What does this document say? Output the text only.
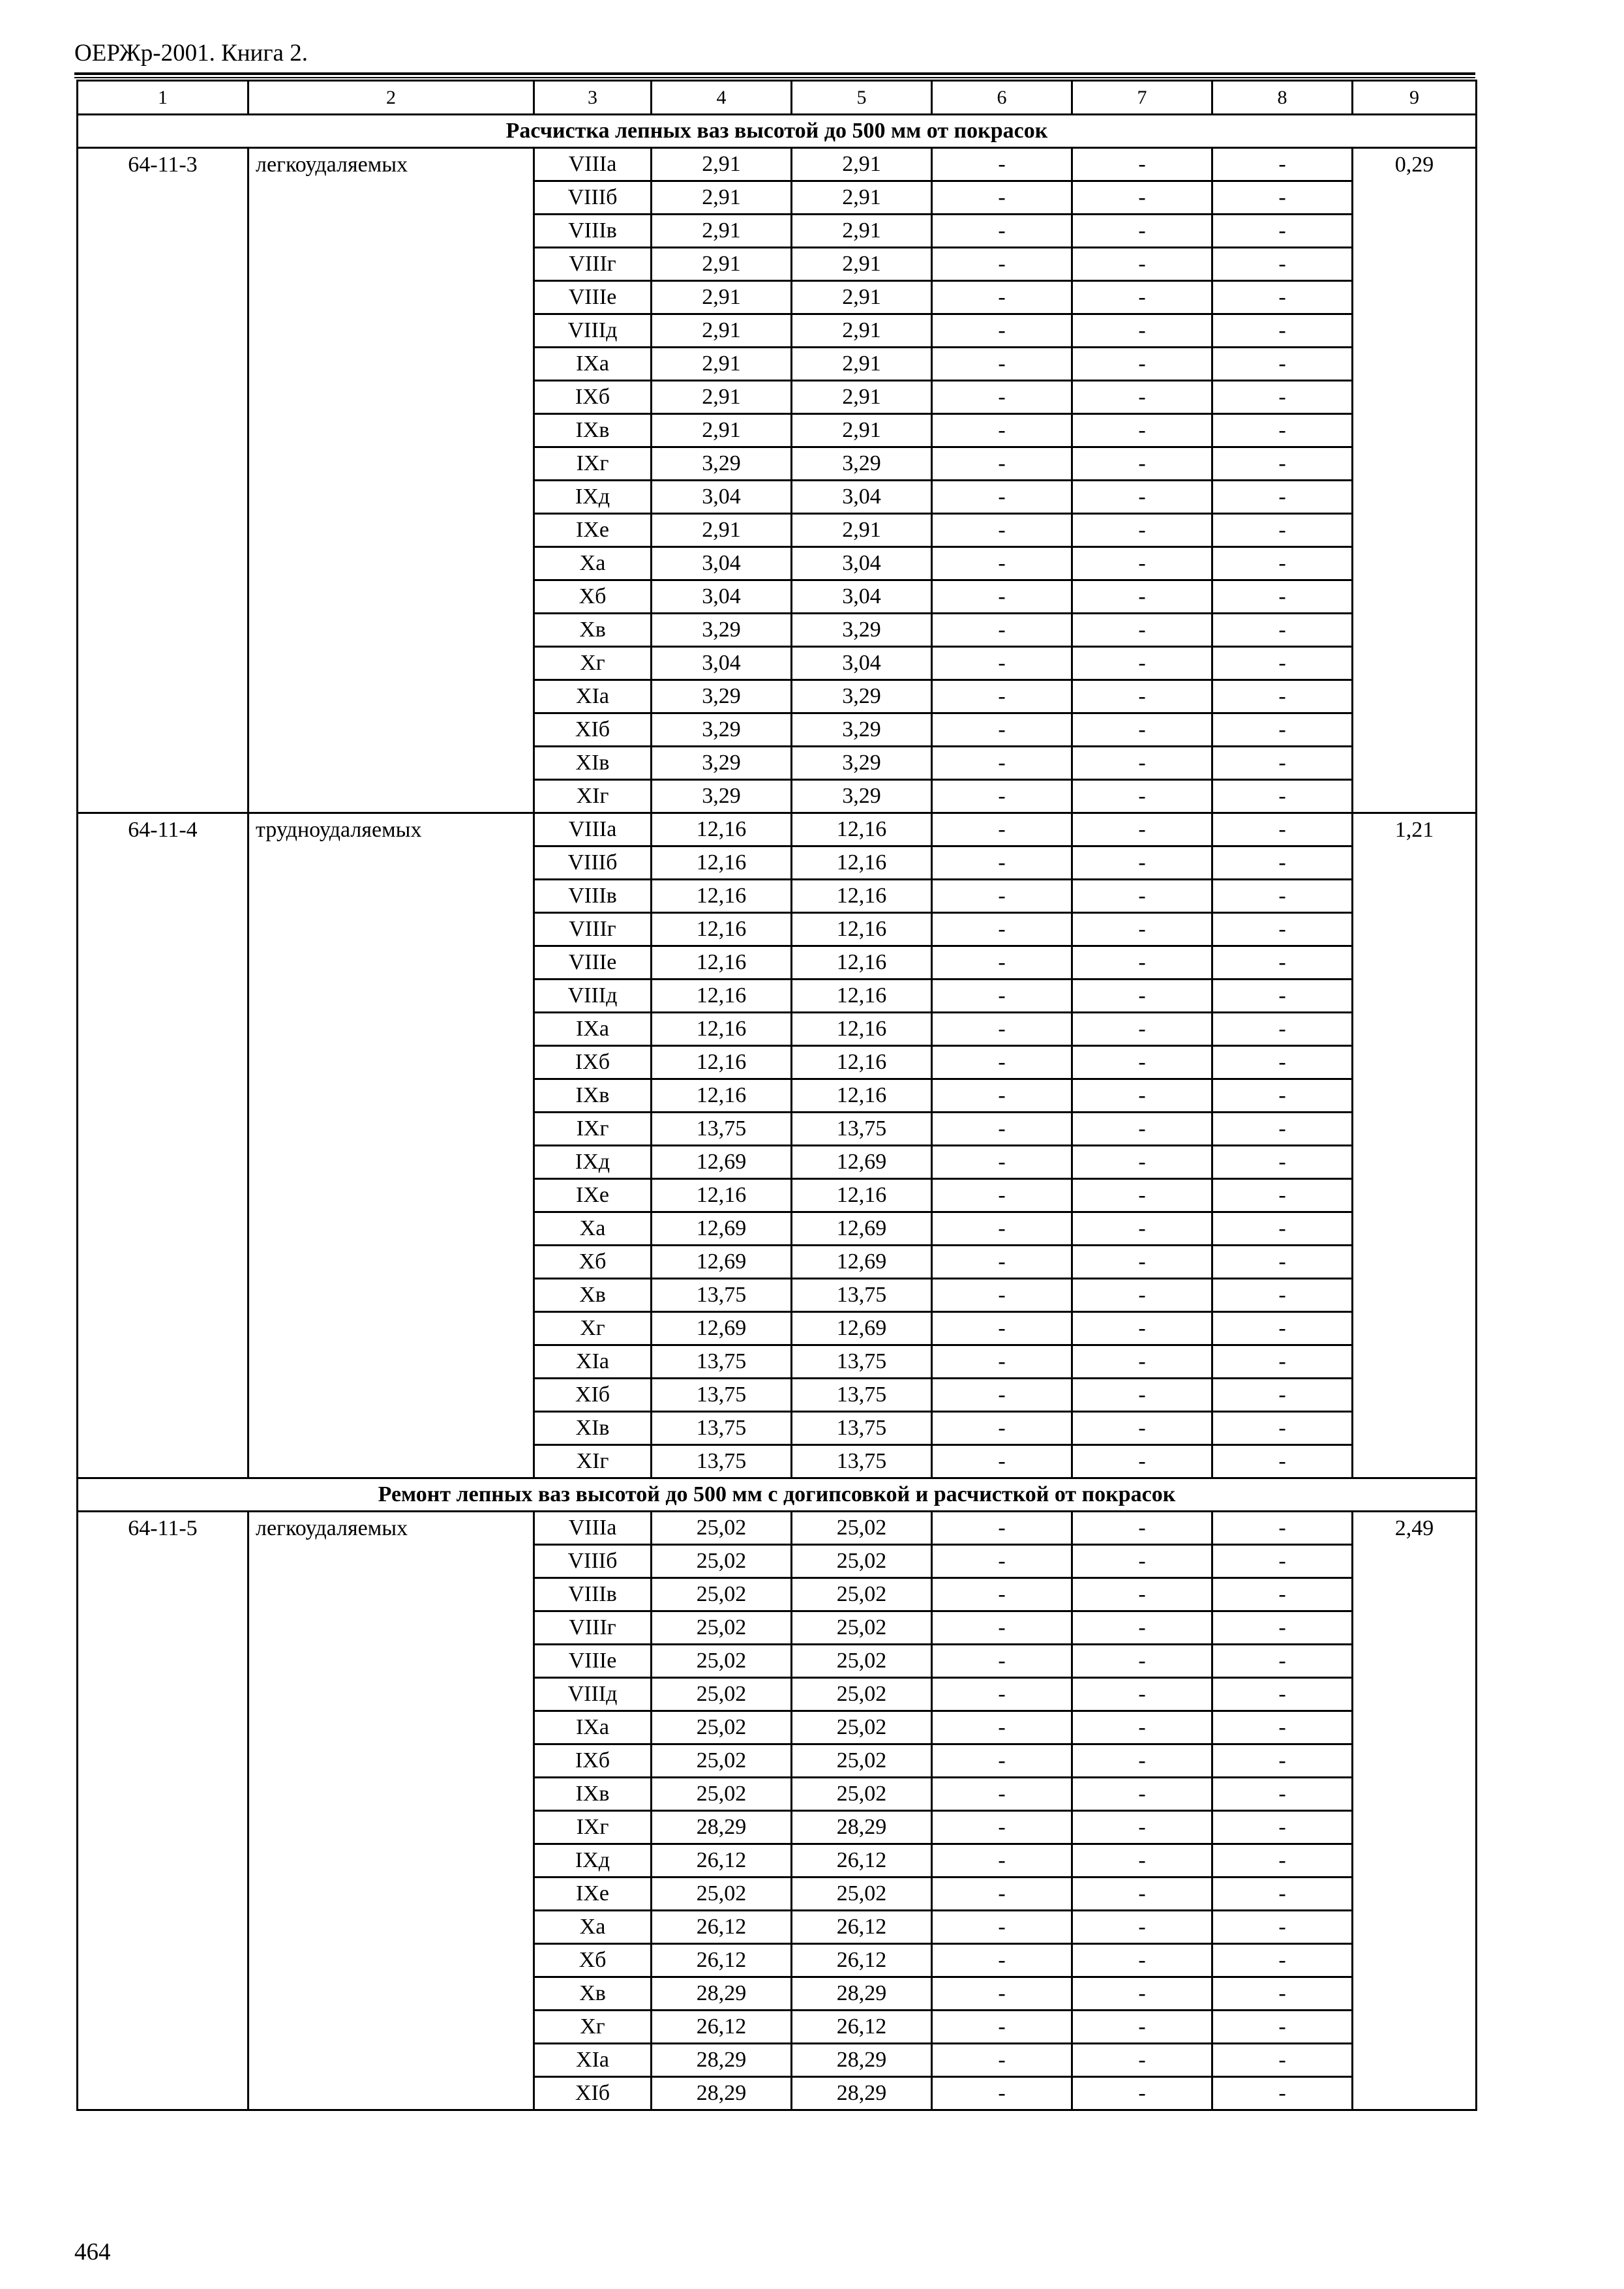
ОЕРЖр-2001. Книга 2.
1	2	3	4	5	6	7	8	9
Расчистка лепных ваз высотой до 500 мм от покрасок								
64-11-3	легкоудаляемых	VIIIа	2,91	2,91	-	-	-	0,29
		VIIIб	2,91	2,91	-	-	-	
		VIIIв	2,91	2,91	-	-	-	
		VIIIг	2,91	2,91	-	-	-	
		VIIIе	2,91	2,91	-	-	-	
		VIIIд	2,91	2,91	-	-	-	
		IXа	2,91	2,91	-	-	-	
		IXб	2,91	2,91	-	-	-	
		IXв	2,91	2,91	-	-	-	
		IXг	3,29	3,29	-	-	-	
		IXд	3,04	3,04	-	-	-	
		IXе	2,91	2,91	-	-	-	
		Xа	3,04	3,04	-	-	-	
		Xб	3,04	3,04	-	-	-	
		Xв	3,29	3,29	-	-	-	
		Xг	3,04	3,04	-	-	-	
		XIа	3,29	3,29	-	-	-	
		XIб	3,29	3,29	-	-	-	
		XIв	3,29	3,29	-	-	-	
		XIг	3,29	3,29	-	-	-	
64-11-4	трудноудаляемых	VIIIа	12,16	12,16	-	-	-	1,21
		VIIIб	12,16	12,16	-	-	-	
		VIIIв	12,16	12,16	-	-	-	
		VIIIг	12,16	12,16	-	-	-	
		VIIIе	12,16	12,16	-	-	-	
		VIIIд	12,16	12,16	-	-	-	
		IXа	12,16	12,16	-	-	-	
		IXб	12,16	12,16	-	-	-	
		IXв	12,16	12,16	-	-	-	
		IXг	13,75	13,75	-	-	-	
		IXд	12,69	12,69	-	-	-	
		IXе	12,16	12,16	-	-	-	
		Xа	12,69	12,69	-	-	-	
		Xб	12,69	12,69	-	-	-	
		Xв	13,75	13,75	-	-	-	
		Xг	12,69	12,69	-	-	-	
		XIа	13,75	13,75	-	-	-	
		XIб	13,75	13,75	-	-	-	
		XIв	13,75	13,75	-	-	-	
		XIг	13,75	13,75	-	-	-	
Ремонт лепных ваз высотой до 500 мм с догипсовкой и расчисткой от покрасок								
64-11-5	легкоудаляемых	VIIIа	25,02	25,02	-	-	-	2,49
		VIIIб	25,02	25,02	-	-	-	
		VIIIв	25,02	25,02	-	-	-	
		VIIIг	25,02	25,02	-	-	-	
		VIIIе	25,02	25,02	-	-	-	
		VIIIд	25,02	25,02	-	-	-	
		IXа	25,02	25,02	-	-	-	
		IXб	25,02	25,02	-	-	-	
		IXв	25,02	25,02	-	-	-	
		IXг	28,29	28,29	-	-	-	
		IXд	26,12	26,12	-	-	-	
		IXе	25,02	25,02	-	-	-	
		Xа	26,12	26,12	-	-	-	
		Xб	26,12	26,12	-	-	-	
		Xв	28,29	28,29	-	-	-	
		Xг	26,12	26,12	-	-	-	
		XIа	28,29	28,29	-	-	-	
		XIб	28,29	28,29	-	-	-	
464
